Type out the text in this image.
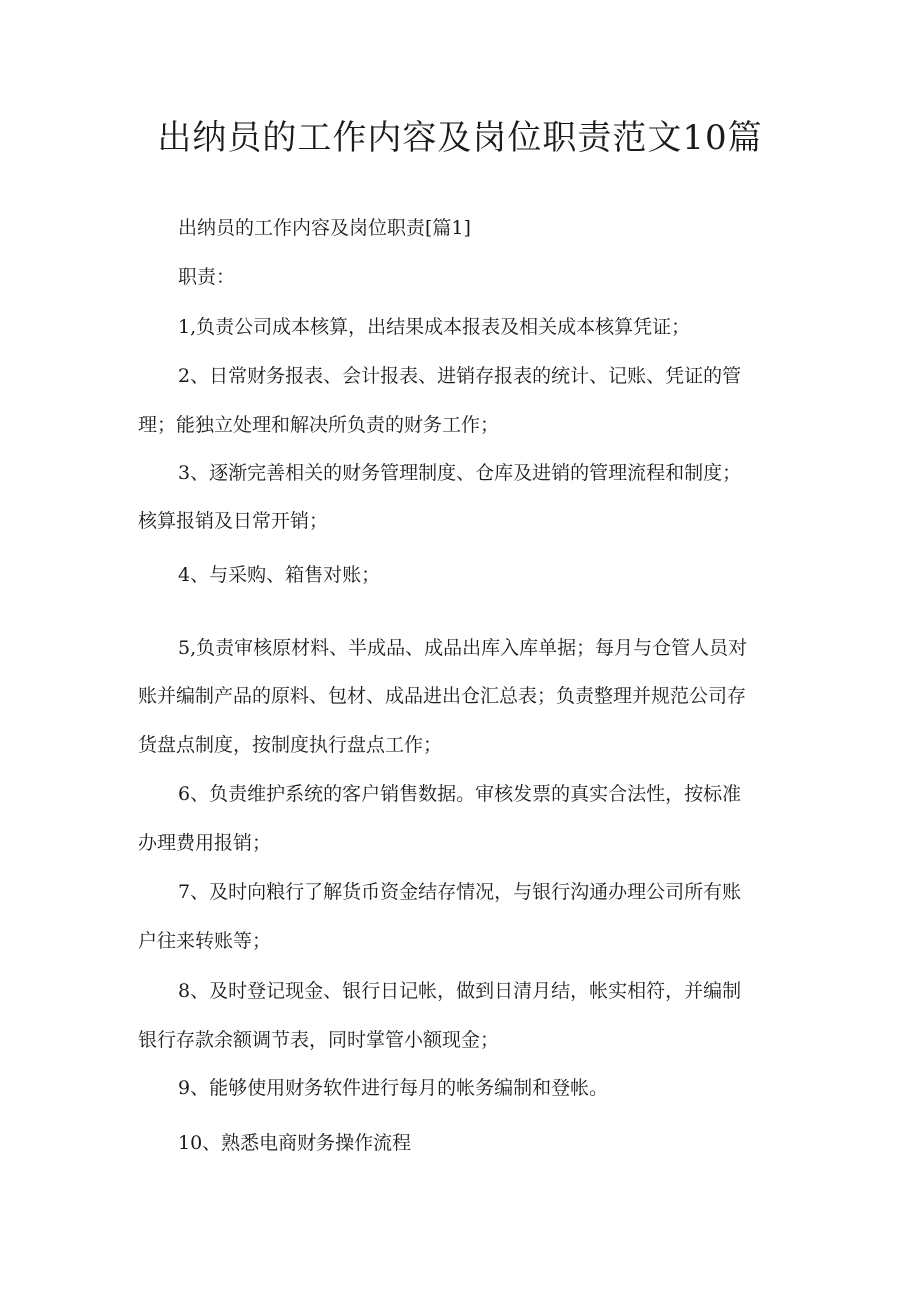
出纳员的工作内容及岗位职责范文10篇

出纳员的工作内容及岗位职责[篇1]

职责：

1,负责公司成本核算，出结果成本报表及相关成本核算凭证；

2、日常财务报表、会计报表、进销存报表的统计、记账、凭证的管

理；能独立处理和解决所负责的财务工作；

3、逐渐完善相关的财务管理制度、仓库及进销的管理流程和制度；

核算报销及日常开销；

4、与采购、箱售对账；

5,负责审核原材料、半成品、成品出库入库单据；每月与仓管人员对

账并编制产品的原料、包材、成品进出仓汇总表；负责整理并规范公司存

货盘点制度，按制度执行盘点工作；

6、负责维护系统的客户销售数据。审核发票的真实合法性，按标准

办理费用报销；

7、及时向粮行了解货币资金结存情况，与银行沟通办理公司所有账

户往来转账等；

8、及时登记现金、银行日记帐，做到日清月结，帐实相符，并编制

银行存款余额调节表，同时掌管小额现金；

9、能够使用财务软件进行每月的帐务编制和登帐。

10、熟悉电商财务操作流程
